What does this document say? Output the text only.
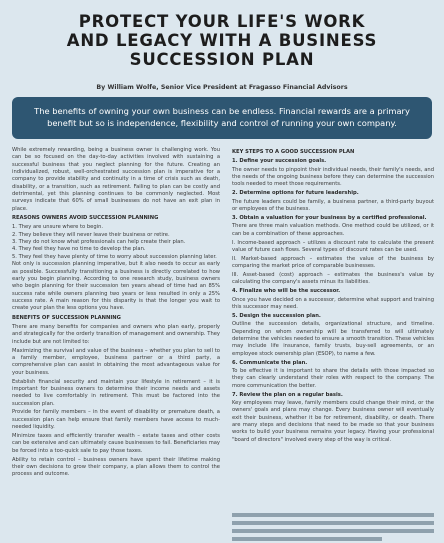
PROTECT YOUR LIFE'S WORK
AND LEGACY WITH A BUSINESS
SUCCESSION PLAN
By William Wolfe, Senior Vice President at Fragasso Financial Advisors
The benefits of owning your own business can be endless. Financial rewards are a primary benefit but so is independence, flexibility and control of running your own company.

While extremely rewarding, being a business owner is challenging work. You can be so focused on the day-to-day activities involved with sustaining a successful business that you neglect planning for the future. Creating an individualized, robust, well-orchestrated succession plan is imperative for a company to provide stability and continuity in a time of crisis such as death, disability, or a transition, such as retirement. Failing to plan can be costly and detrimental, yet this planning continues to be commonly neglected. Most surveys indicate that 60% of small businesses do not have an exit plan in place.

REASONS OWNERS AVOID SUCCESSION PLANNING
1. They are unsure where to begin.
2. They believe they will never leave their business or retire.
3. They do not know what professionals can help create their plan.
4. They feel they have no time to develop the plan.
5. They feel they have plenty of time to worry about succession planning later.

Not only is succession planning imperative, but it also needs to occur as early as possible. Successfully transitioning a business is directly correlated to how early you begin planning. According to one research study, business owners who begin planning for their succession ten years ahead of time had an 85% success rate while owners planning two years or less resulted in only a 25% success rate. A main reason for this disparity is that the longer you wait to create your plan the less options you have.

BENEFITS OF SUCCESSION PLANNING

There are many benefits for companies and owners who plan early, properly and strategically for the orderly transition of management and ownership. They include but are not limited to:

Maximizing the survival and value of the business – whether you plan to sell to a family member, employee, business partner or a third party, a comprehensive plan can assist in obtaining the most advantageous value for your business.

Establish financial security and maintain your lifestyle in retirement – it is important for business owners to determine their income needs and assets needed to live comfortably in retirement. This must be factored into the succession plan.

Provide for family members – in the event of disability or premature death, a succession plan can help ensure that family members have access to much-needed liquidity.

Minimize taxes and efficiently transfer wealth – estate taxes and other costs can be extensive and can ultimately cause businesses to fail. Beneficiaries may be forced into a too-quick sale to pay those taxes.

Ability to retain control – business owners have spent their lifetime making their own decisions to grow their company, a plan allows them to control the process and outcome.

KEY STEPS TO A GOOD SUCCESSION PLAN
1. Define your succession goals.

The owner needs to pinpoint their individual needs, their family's needs, and the needs of the ongoing business before they can determine the succession tools needed to meet those requirements.

2. Determine options for future leadership.

The future leaders could be family, a business partner, a third-party buyout or employees of the business.

3. Obtain a valuation for your business by a certified professional.

There are three main valuation methods. One method could be utilized, or it can be a combination of these approaches.

I. Income-based approach – utilizes a discount rate to calculate the present value of future cash flows. Several types of discount rates can be used.

II. Market-based approach – estimates the value of the business by comparing the market price of comparable businesses.

III. Asset-based (cost) approach – estimates the business's value by calculating the company's assets minus its liabilities.

4. Finalize who will be the successor.

Once you have decided on a successor, determine what support and training this successor may need.

5. Design the succession plan.

Outline the succession details, organizational structure, and timeline. Depending on whom ownership will be transferred to will ultimately determine the vehicles needed to ensure a smooth transition. These vehicles may include life insurance, family trusts, buy-sell agreements, or an employee stock ownership plan (ESOP), to name a few.

6. Communicate the plan.

To be effective it is important to share the details with those impacted so they can clearly understand their roles with respect to the company. The more communication the better.

7. Review the plan on a regular basis.

Key employees may leave, family members could change their mind, or the owners' goals and plans may change. Every business owner will eventually exit their business, whether it be for retirement, disability, or death. There are many steps and decisions that need to be made so that your business works to build your business remains your legacy. Having your professional "board of directors" involved every step of the way is critical.
